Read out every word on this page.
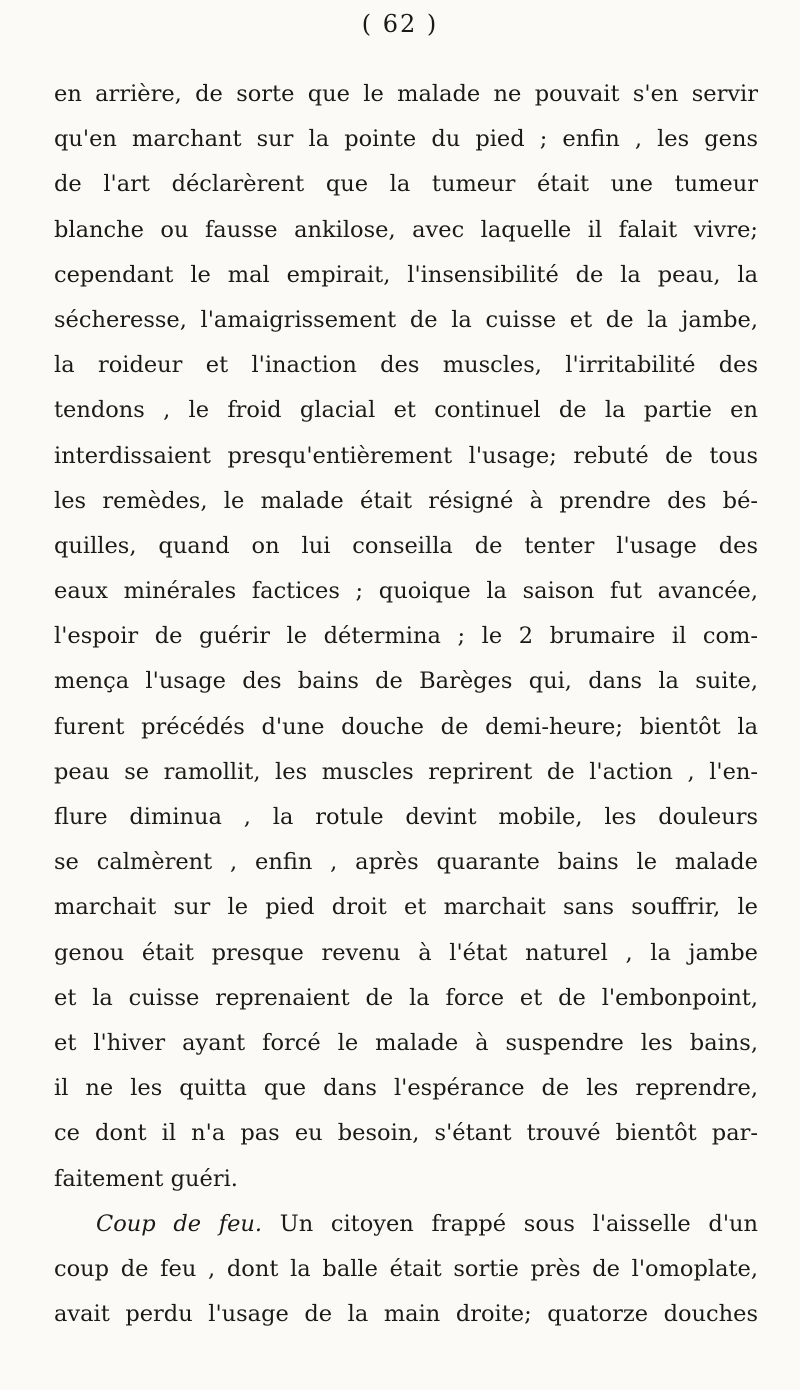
( 62 )
en arrière, de sorte que le malade ne pouvait s'en servir
qu'en marchant sur la pointe du pied ; enfin , les gens
de l'art déclarèrent que la tumeur était une tumeur
blanche ou fausse ankilose, avec laquelle il falait vivre;
cependant le mal empirait, l'insensibilité de la peau, la
sécheresse, l'amaigrissement de la cuisse et de la jambe,
la roideur et l'inaction des muscles, l'irritabilité des
tendons , le froid glacial et continuel de la partie en
interdissaient presqu'entièrement l'usage; rebuté de tous
les remèdes, le malade était résigné à prendre des bé-
quilles, quand on lui conseilla de tenter l'usage des
eaux minérales factices ; quoique la saison fut avancée,
l'espoir de guérir le détermina ; le 2 brumaire il com-
mença l'usage des bains de Barèges qui, dans la suite,
furent précédés d'une douche de demi-heure; bientôt la
peau se ramollit, les muscles reprirent de l'action , l'en-
flure diminua , la rotule devint mobile, les douleurs
se calmèrent , enfin , après quarante bains le malade
marchait sur le pied droit et marchait sans souffrir, le
genou était presque revenu à l'état naturel , la jambe
et la cuisse reprenaient de la force et de l'embonpoint,
et l'hiver ayant forcé le malade à suspendre les bains,
il ne les quitta que dans l'espérance de les reprendre,
ce dont il n'a pas eu besoin, s'étant trouvé bientôt par-
faitement guéri.
Coup de feu. Un citoyen frappé sous l'aisselle d'un
coup de feu , dont la balle était sortie près de l'omoplate,
avait perdu l'usage de la main droite; quatorze douches
